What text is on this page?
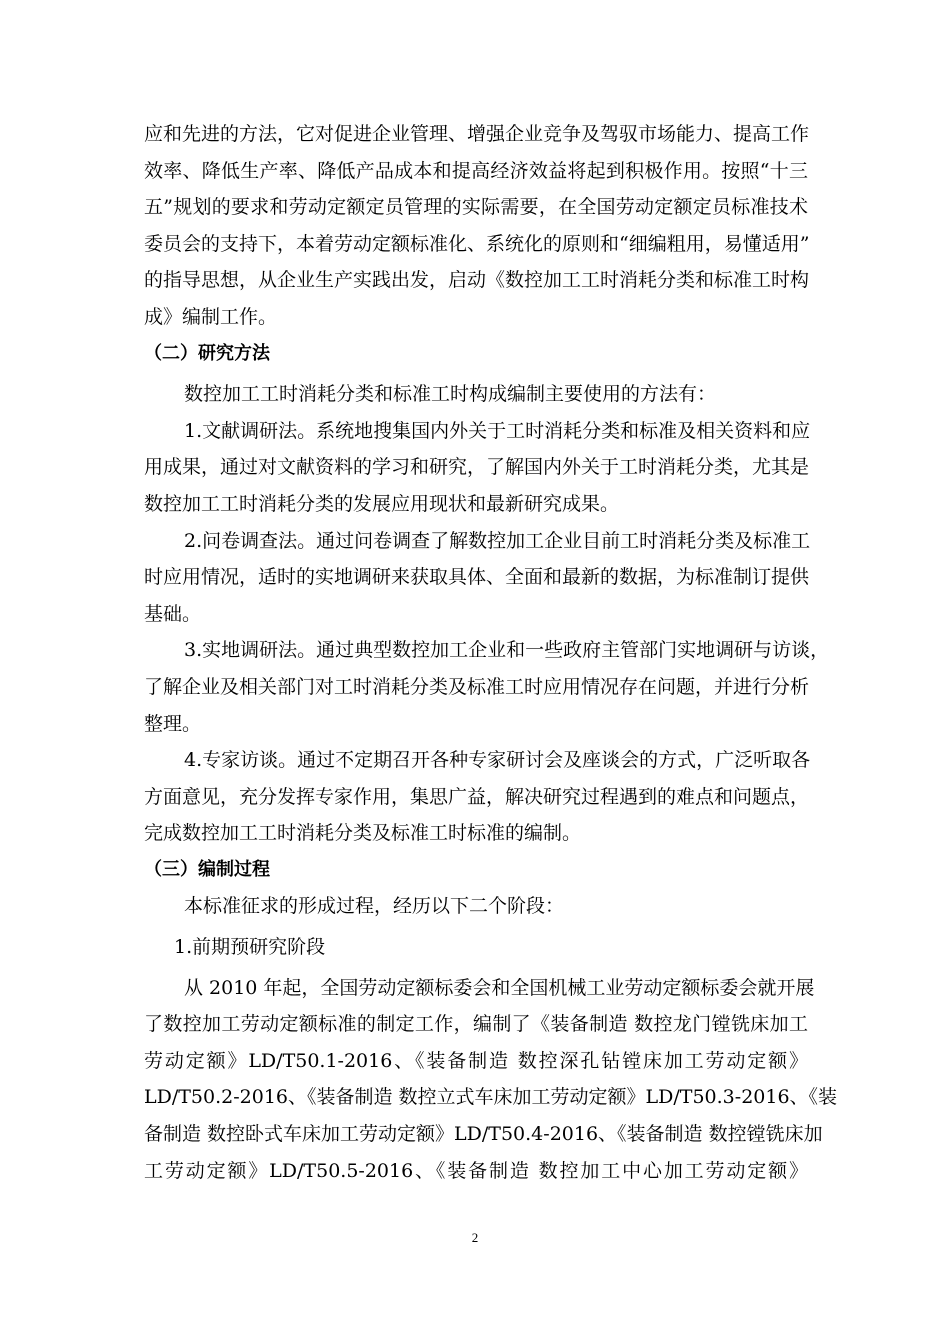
应和先进的方法，它对促进企业管理、增强企业竞争及驾驭市场能力、提高工作
效率、降低生产率、降低产品成本和提高经济效益将起到积极作用。按照“十三
五”规划的要求和劳动定额定员管理的实际需要，在全国劳动定额定员标准技术
委员会的支持下，本着劳动定额标准化、系统化的原则和“细编粗用，易懂适用”
的指导思想，从企业生产实践出发，启动《数控加工工时消耗分类和标准工时构
成》编制工作。
（二）研究方法
数控加工工时消耗分类和标准工时构成编制主要使用的方法有：
1.文献调研法。系统地搜集国内外关于工时消耗分类和标准及相关资料和应
用成果，通过对文献资料的学习和研究，了解国内外关于工时消耗分类，尤其是
数控加工工时消耗分类的发展应用现状和最新研究成果。
2.问卷调查法。通过问卷调查了解数控加工企业目前工时消耗分类及标准工
时应用情况，适时的实地调研来获取具体、全面和最新的数据，为标准制订提供
基础。
3.实地调研法。通过典型数控加工企业和一些政府主管部门实地调研与访谈，
了解企业及相关部门对工时消耗分类及标准工时应用情况存在问题，并进行分析
整理。
4.专家访谈。通过不定期召开各种专家研讨会及座谈会的方式，广泛听取各
方面意见，充分发挥专家作用，集思广益，解决研究过程遇到的难点和问题点，
完成数控加工工时消耗分类及标准工时标准的编制。
（三）编制过程
本标准征求的形成过程，经历以下二个阶段：
1.前期预研究阶段
从 2010 年起，全国劳动定额标委会和全国机械工业劳动定额标委会就开展
了数控加工劳动定额标准的制定工作，编制了《装备制造 数控龙门镗铣床加工
劳动定额》LD/T50.1-2016、《装备制造 数控深孔钻镗床加工劳动定额》
LD/T50.2-2016、《装备制造 数控立式车床加工劳动定额》LD/T50.3-2016、《装
备制造 数控卧式车床加工劳动定额》LD/T50.4-2016、《装备制造 数控镗铣床加
工劳动定额》LD/T50.5-2016、《装备制造 数控加工中心加工劳动定额》
2
